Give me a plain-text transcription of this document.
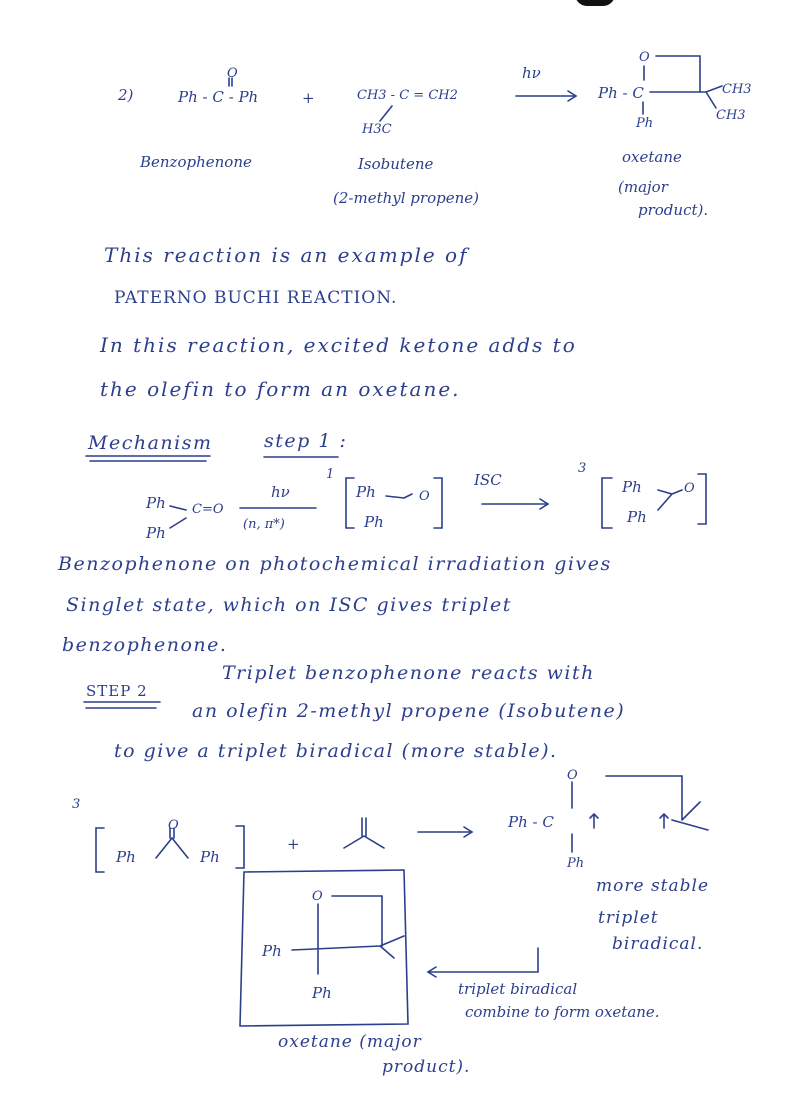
2)
O
Ph - C - Ph	+	CH3 - C = CH2
H3C
hν
O
Ph - C
Ph
CH3
CH3
Benzophenone	Isobutene
(2-methyl propene)
oxetane
(major
product).
This reaction is an example of
PATERNO BUCHI REACTION.
In this reaction, excited ketone adds to
the olefin to form an oxetane.
Mechanism	step 1 :
Ph C=O
Ph
hν
(n, π*)
1
Ph	O
Ph
ISC
3
Ph	O
Ph
Benzophenone on photochemical irradiation gives
Singlet state, which on ISC gives triplet
benzophenone.
STEP 2
Triplet benzophenone reacts with
an olefin 2-methyl propene (Isobutene)
to give a triplet biradical (more stable).
3
Ph
O
Ph
+
O
Ph - C
Ph
more stable
triplet
biradical.
O
Ph
Ph	triplet biradical
combine to form oxetane.
oxetane (major
product).
